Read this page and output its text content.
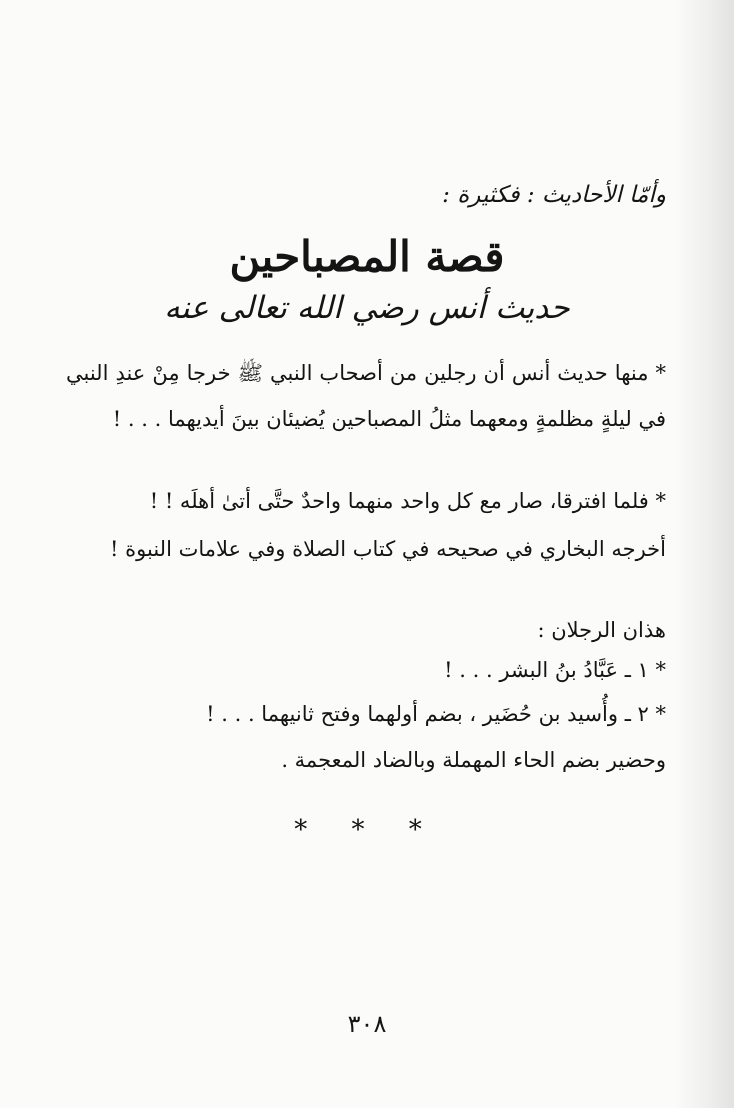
وأمّا الأحاديث : فكثيرة :
قصة المصباحين
حديث أنس رضي الله تعالى عنه
* منها حديث أنس أن رجلين من أصحاب النبي ﷺ خرجا مِنْ عندِ النبي في ليلةٍ مظلمةٍ ومعهما مثلُ المصباحين يُضيئان بينَ أيديهما . . . !
* فلما افترقا، صار مع كل واحد منهما واحدٌ حتَّى أتىٰ أهلَه ! !
أخرجه البخاري في صحيحه في كتاب الصلاة وفي علامات النبوة !
هذان الرجلان :
* ١ ـ عَبَّادُ بنُ البشر . . . !
* ٢ ـ وأُسيد بن حُضَير ، بضم أولهما وفتح ثانيهما . . . !
وحضير بضم الحاء المهملة وبالضاد المعجمة .
* * *
٣٠٨
